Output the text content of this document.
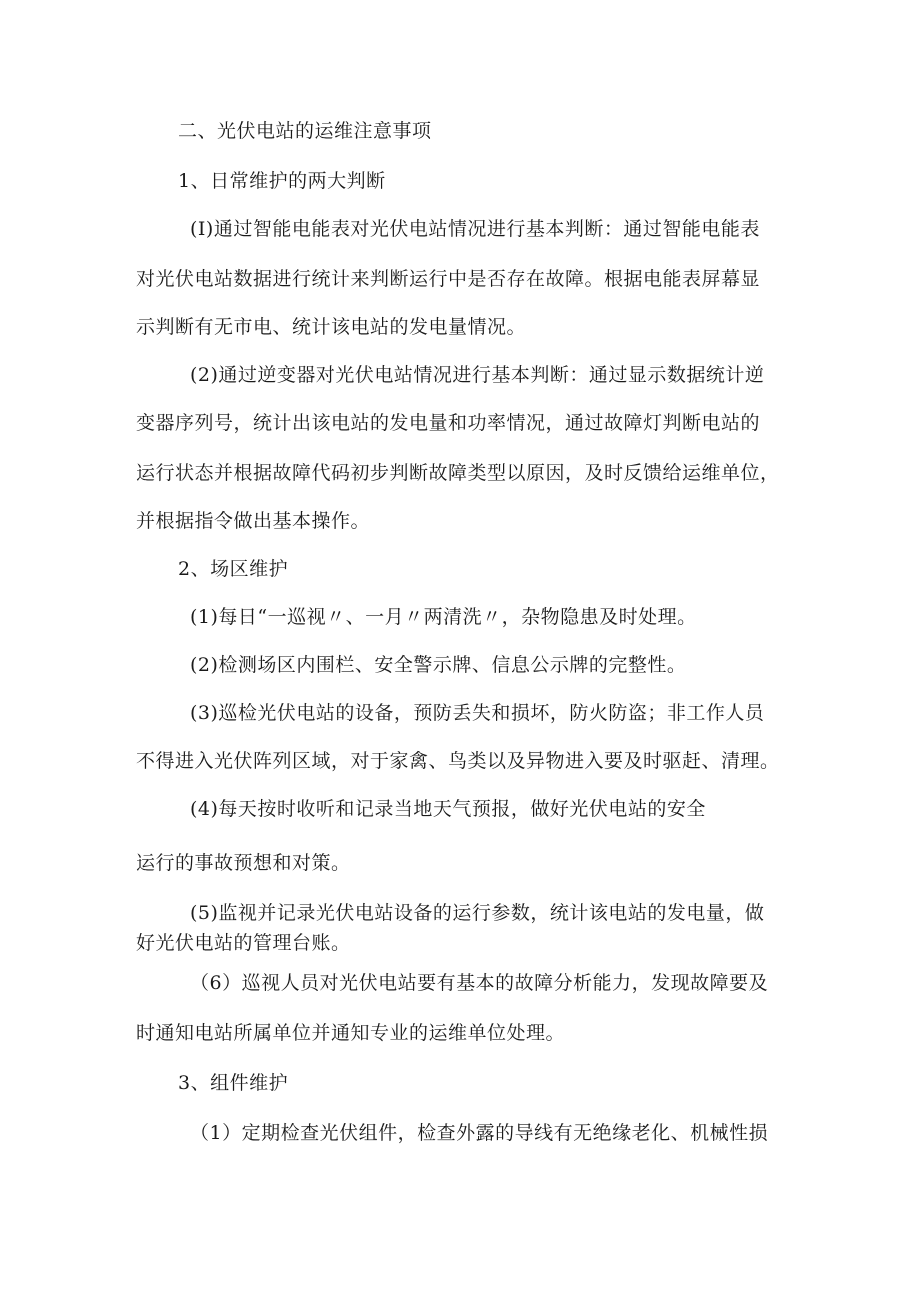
二、光伏电站的运维注意事项
1、日常维护的两大判断
(I)通过智能电能表对光伏电站情况进行基本判断：通过智能电能表
对光伏电站数据进行统计来判断运行中是否存在故障。根据电能表屏幕显
示判断有无市电、统计该电站的发电量情况。
(2)通过逆变器对光伏电站情况进行基本判断：通过显示数据统计逆
变器序列号，统计出该电站的发电量和功率情况，通过故障灯判断电站的
运行状态并根据故障代码初步判断故障类型以原因，及时反馈给运维单位，
并根据指令做出基本操作。
2、场区维护
(1)每日“一巡视〃、一月〃两清洗〃，杂物隐患及时处理。
(2)检测场区内围栏、安全警示牌、信息公示牌的完整性。
(3)巡检光伏电站的设备，预防丢失和损坏，防火防盗；非工作人员
不得进入光伏阵列区域，对于家禽、鸟类以及异物进入要及时驱赶、清理。
(4)每天按时收听和记录当地天气预报，做好光伏电站的安全
运行的事故预想和对策。
(5)监视并记录光伏电站设备的运行参数，统计该电站的发电量，做
好光伏电站的管理台账。
（6）巡视人员对光伏电站要有基本的故障分析能力，发现故障要及
时通知电站所属单位并通知专业的运维单位处理。
3、组件维护
（1）定期检查光伏组件，检查外露的导线有无绝缘老化、机械性损
